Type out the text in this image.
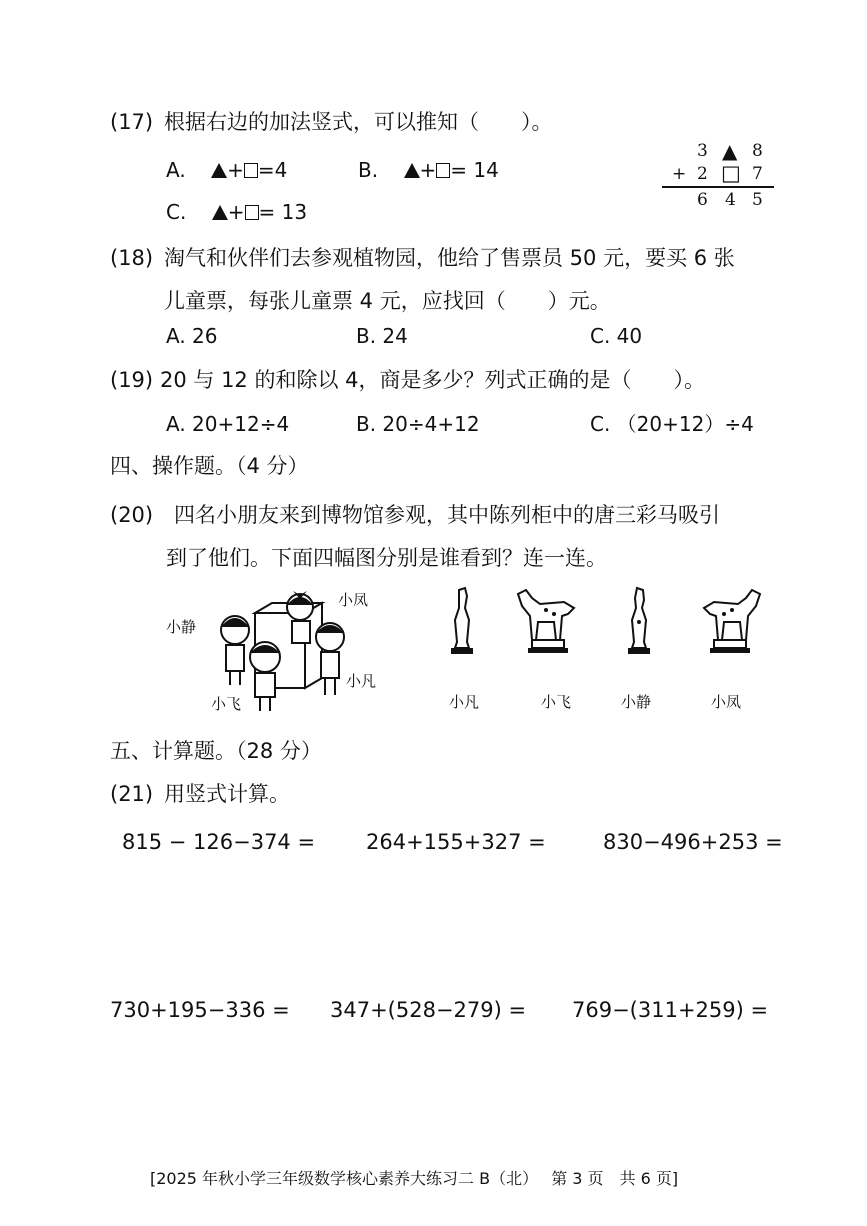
(17) 根据右边的加法竖式，可以推知（　　）。
A. + =4	B. + = 14
C. + = 13
3 ▲ 8
+ 2 □ 7
6 4 5
(18) 淘气和伙伴们去参观植物园，他给了售票员 50 元，要买 6 张
儿童票，每张儿童票 4 元，应找回（　　）元。
A. 26	B. 24	C. 40
(19) 20 与 12 的和除以 4，商是多少？列式正确的是（　　）。
A. 20+12÷4	B. 20÷4+12	C. （20+12）÷4
四、操作题。（4 分）
(20) 四名小朋友来到博物馆参观，其中陈列柜中的唐三彩马吸引
到了他们。下面四幅图分别是谁看到？连一连。
小凤
小静
小凡
小飞	小凡	小飞	小静	小凤
五、计算题。（28 分）
(21) 用竖式计算。
815 − 126−374 = 264+155+327 =	830−496+253 =
730+195−336 = 347+(528−279) = 769−(311+259) =
[2025 年秋小学三年级数学核心素养大练习二 B（北）　 第 3 页　共 6 页]
